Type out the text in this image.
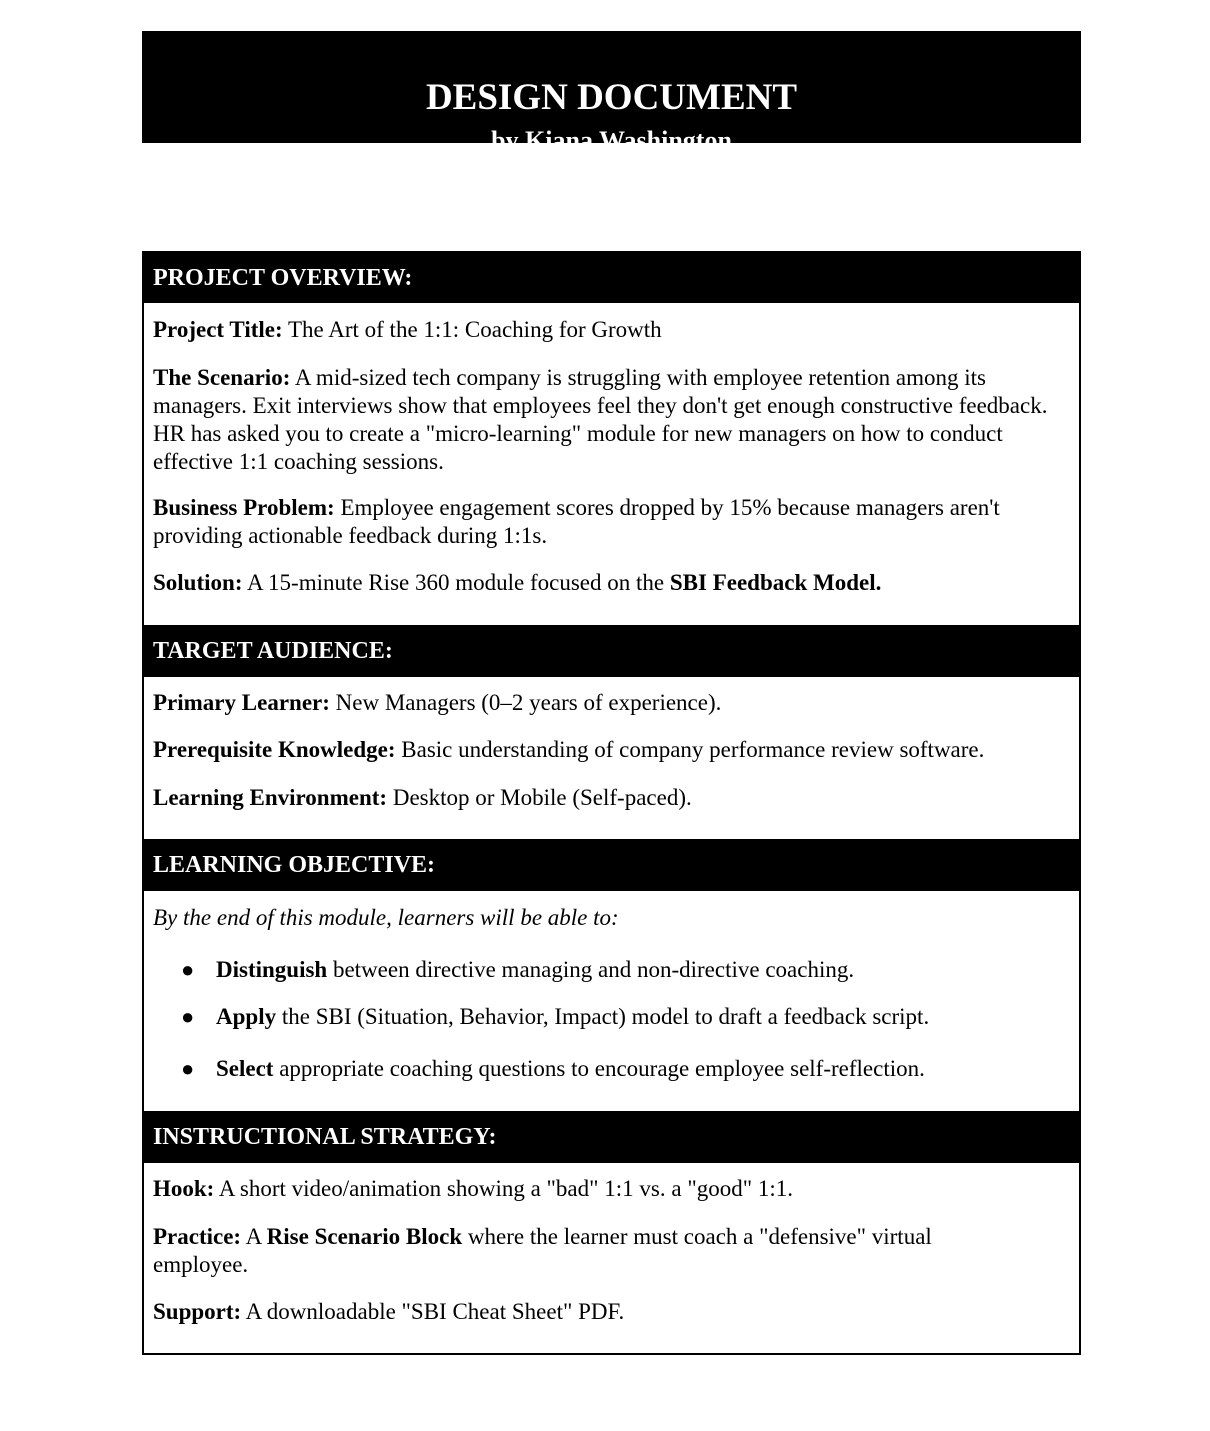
DESIGN DOCUMENT
by Kiana Washington
PROJECT OVERVIEW:

Project Title: The Art of the 1:1: Coaching for Growth

The Scenario: A mid-sized tech company is struggling with employee retention among its managers. Exit interviews show that employees feel they don't get enough constructive feedback. HR has asked you to create a "micro-learning" module for new managers on how to conduct effective 1:1 coaching sessions.

Business Problem: Employee engagement scores dropped by 15% because managers aren't providing actionable feedback during 1:1s.

Solution: A 15-minute Rise 360 module focused on the SBI Feedback Model.

TARGET AUDIENCE:

Primary Learner: New Managers (0–2 years of experience).

Prerequisite Knowledge: Basic understanding of company performance review software.

Learning Environment: Desktop or Mobile (Self-paced).

LEARNING OBJECTIVE:

By the end of this module, learners will be able to:

● Distinguish between directive managing and non-directive coaching.
● Apply the SBI (Situation, Behavior, Impact) model to draft a feedback script.
● Select appropriate coaching questions to encourage employee self-reflection.
INSTRUCTIONAL STRATEGY:

Hook: A short video/animation showing a "bad" 1:1 vs. a "good" 1:1.

Practice: A Rise Scenario Block where the learner must coach a "defensive" virtual employee.

Support: A downloadable "SBI Cheat Sheet" PDF.
